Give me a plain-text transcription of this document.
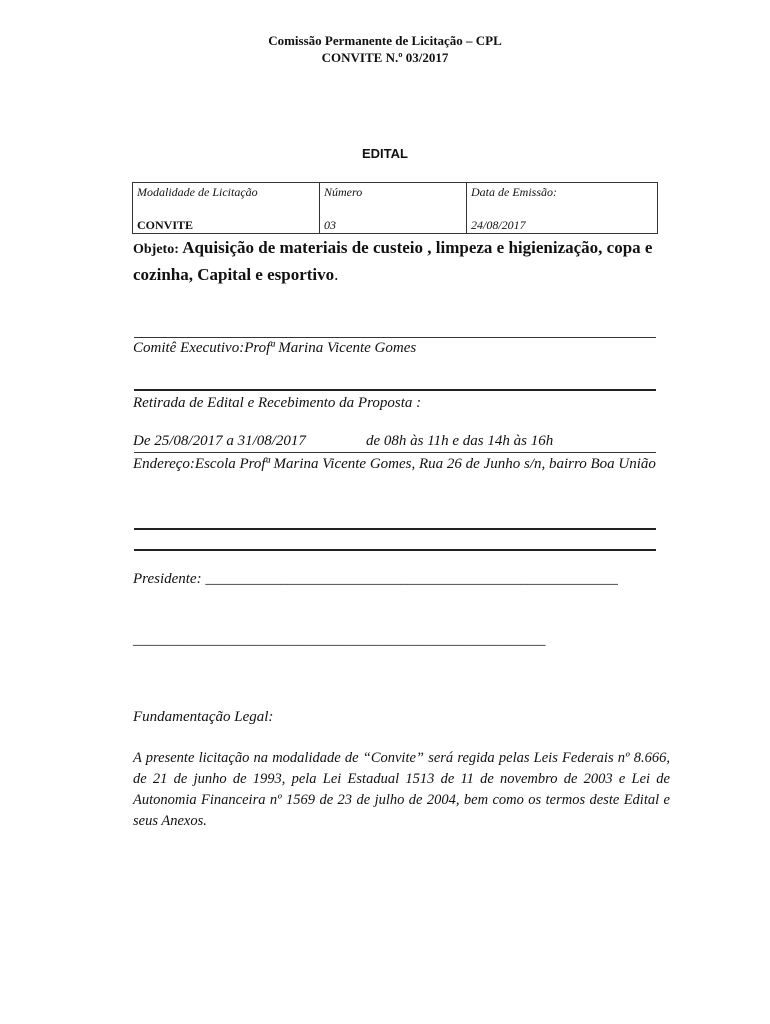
Comissão Permanente de Licitação – CPL
CONVITE N.º 03/2017
EDITAL
Modalidade de Licitação
CONVITE

Número
03

Data de Emissão:
24/08/2017
Objeto: Aquisição de materiais de custeio , limpeza e higienização, copa e cozinha, Capital e esportivo.
Comitê Executivo:Profª Marina Vicente Gomes
Retirada de Edital e Recebimento da Proposta :
De 25/08/2017 a 31/08/2017	de 08h às 11h e das 14h às 16h
Endereço:Escola Profª Marina Vicente Gomes, Rua 26 de Junho s/n, bairro Boa União
Presidente: _______________________________________________________
_______________________________________________________
Fundamentação Legal:
A presente licitação na modalidade de “Convite” será regida pelas Leis Federais nº 8.666, de 21 de junho de 1993, pela Lei Estadual 1513 de 11 de novembro de 2003 e Lei de Autonomia Financeira nº 1569 de 23 de julho de 2004, bem como os termos deste Edital e seus Anexos.
